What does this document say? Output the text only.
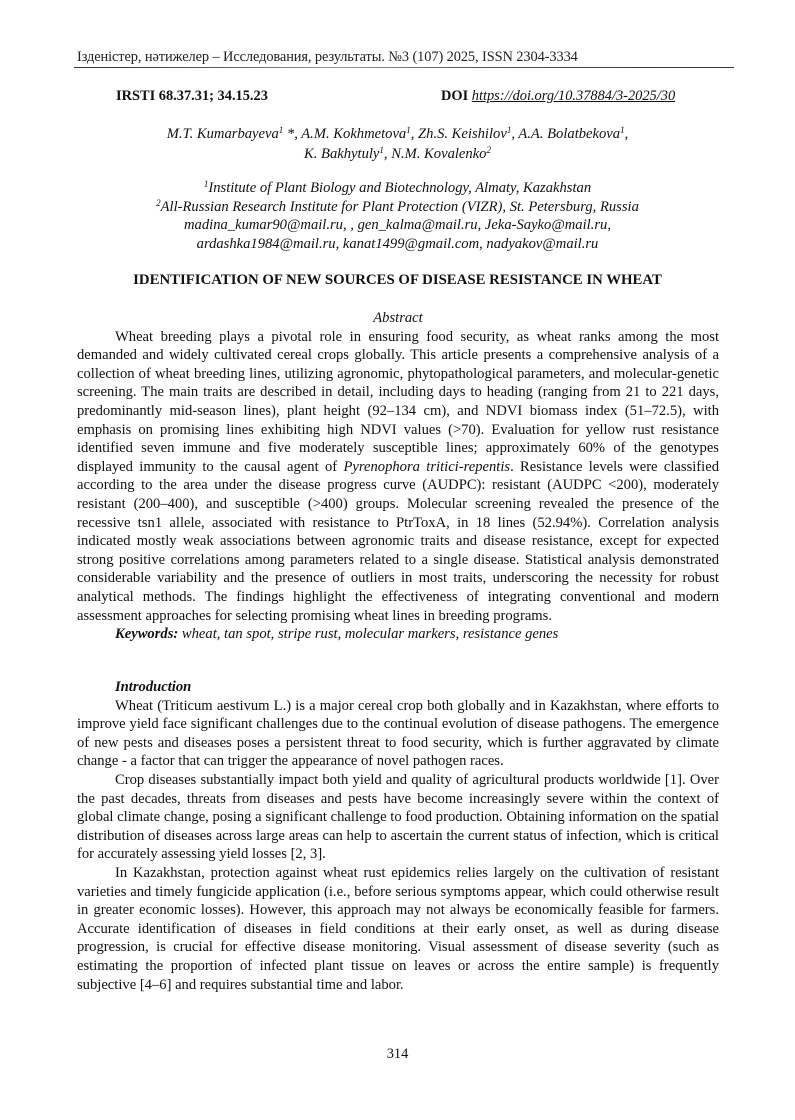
Ізденістер, нәтижелер – Исследования, результаты. №3 (107) 2025, ISSN 2304-3334
IRSTI 68.37.31; 34.15.23	DOI https://doi.org/10.37884/3-2025/30
M.T. Kumarbayeva$^1$ *, A.M. Kokhmetova$^1$, Zh.S. Keishilov$^1$, A.A. Bolatbekova$^1$,
K. Bakhytuly$^1$, N.M. Kovalenko$^2$
$^1$Institute of Plant Biology and Biotechnology, Almaty, Kazakhstan
$^2$All-Russian Research Institute for Plant Protection (VIZR), St. Petersburg, Russia
madina_kumar90@mail.ru, , gen_kalma@mail.ru, Jeka-Sayko@mail.ru,
ardashka1984@mail.ru, kanat1499@gmail.com, nadyakov@mail.ru
IDENTIFICATION OF NEW SOURCES OF DISEASE RESISTANCE IN WHEAT
Abstract

Wheat breeding plays a pivotal role in ensuring food security, as wheat ranks among the most demanded and widely cultivated cereal crops globally. This article presents a comprehensive analysis of a collection of wheat breeding lines, utilizing agronomic, phytopathological parameters, and molecular-genetic screening. The main traits are described in detail, including days to heading (ranging from 21 to 221 days, predominantly mid-season lines), plant height (92–134 cm), and NDVI biomass index (51–72.5), with emphasis on promising lines exhibiting high NDVI values (>70). Evaluation for yellow rust resistance identified seven immune and five moderately susceptible lines; approximately 60% of the genotypes displayed immunity to the causal agent of Pyrenophora tritici-repentis. Resistance levels were classified according to the area under the disease progress curve (AUDPC): resistant (AUDPC <200), moderately resistant (200–400), and susceptible (>400) groups. Molecular screening revealed the presence of the recessive tsn1 allele, associated with resistance to PtrToxA, in 18 lines (52.94%). Correlation analysis indicated mostly weak associations between agronomic traits and disease resistance, except for expected strong positive correlations among parameters related to a single disease. Statistical analysis demonstrated considerable variability and the presence of outliers in most traits, underscoring the necessity for robust analytical methods. The findings highlight the effectiveness of integrating conventional and modern assessment approaches for selecting promising wheat lines in breeding programs.

Keywords: wheat, tan spot, stripe rust, molecular markers, resistance genes

Introduction

Wheat (Triticum aestivum L.) is a major cereal crop both globally and in Kazakhstan, where efforts to improve yield face significant challenges due to the continual evolution of disease pathogens. The emergence of new pests and diseases poses a persistent threat to food security, which is further aggravated by climate change - a factor that can trigger the appearance of novel pathogen races.

Crop diseases substantially impact both yield and quality of agricultural products worldwide [1]. Over the past decades, threats from diseases and pests have become increasingly severe within the context of global climate change, posing a significant challenge to food production. Obtaining information on the spatial distribution of diseases across large areas can help to ascertain the current status of infection, which is critical for accurately assessing yield losses [2, 3].

In Kazakhstan, protection against wheat rust epidemics relies largely on the cultivation of resistant varieties and timely fungicide application (i.e., before serious symptoms appear, which could otherwise result in greater economic losses). However, this approach may not always be economically feasible for farmers. Accurate identification of diseases in field conditions at their early onset, as well as during disease progression, is crucial for effective disease monitoring. Visual assessment of disease severity (such as estimating the proportion of infected plant tissue on leaves or across the entire sample) is frequently subjective [4–6] and requires substantial time and labor.

314
